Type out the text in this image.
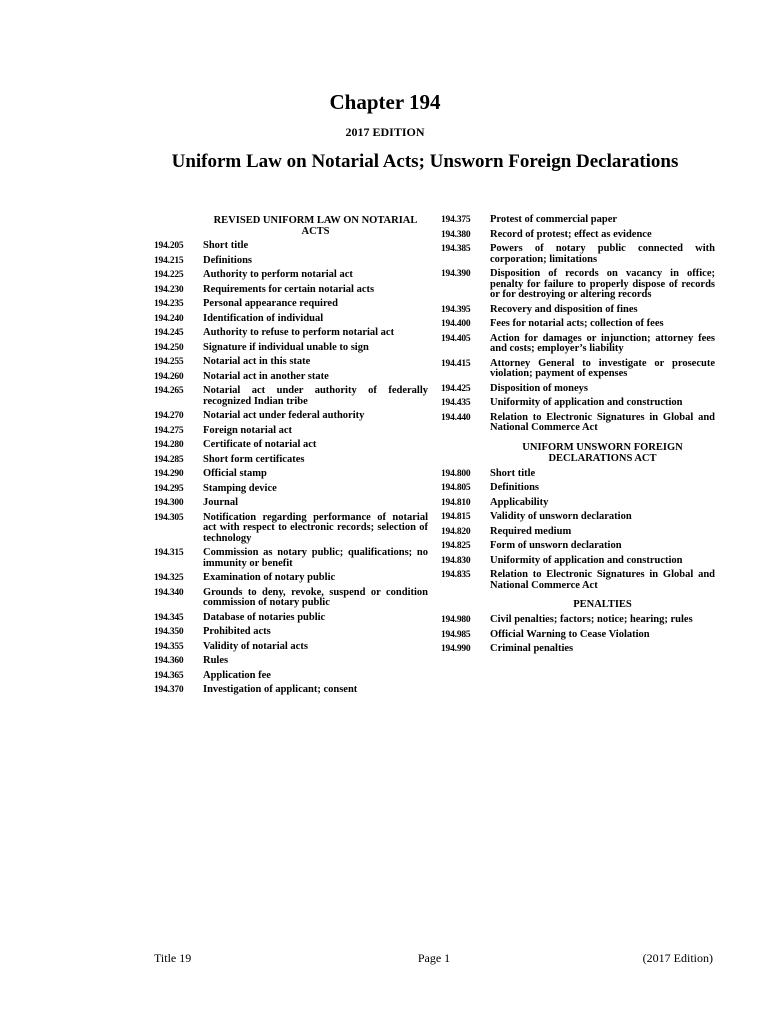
Chapter 194
2017 EDITION
Uniform Law on Notarial Acts; Unsworn Foreign Declarations
REVISED UNIFORM LAW ON NOTARIAL ACTS
194.205	Short title
194.215	Definitions
194.225	Authority to perform notarial act
194.230	Requirements for certain notarial acts
194.235	Personal appearance required
194.240	Identification of individual
194.245	Authority to refuse to perform notarial act
194.250	Signature if individual unable to sign
194.255	Notarial act in this state
194.260	Notarial act in another state
194.265	Notarial act under authority of federally recognized Indian tribe
194.270	Notarial act under federal authority
194.275	Foreign notarial act
194.280	Certificate of notarial act
194.285	Short form certificates
194.290	Official stamp
194.295	Stamping device
194.300	Journal
194.305	Notification regarding performance of notarial act with respect to electronic records; selection of technology
194.315	Commission as notary public; qualifications; no immunity or benefit
194.325	Examination of notary public
194.340	Grounds to deny, revoke, suspend or condition commission of notary public
194.345	Database of notaries public
194.350	Prohibited acts
194.355	Validity of notarial acts
194.360	Rules
194.365	Application fee
194.370	Investigation of applicant; consent
194.375	Protest of commercial paper
194.380	Record of protest; effect as evidence
194.385	Powers of notary public connected with corporation; limitations
194.390	Disposition of records on vacancy in office; penalty for failure to properly dispose of records or for destroying or altering records
194.395	Recovery and disposition of fines
194.400	Fees for notarial acts; collection of fees
194.405	Action for damages or injunction; attorney fees and costs; employer’s liability
194.415	Attorney General to investigate or prosecute violation; payment of expenses
194.425	Disposition of moneys
194.435	Uniformity of application and construction
194.440	Relation to Electronic Signatures in Global and National Commerce Act
UNIFORM UNSWORN FOREIGN DECLARATIONS ACT
194.800	Short title
194.805	Definitions
194.810	Applicability
194.815	Validity of unsworn declaration
194.820	Required medium
194.825	Form of unsworn declaration
194.830	Uniformity of application and construction
194.835	Relation to Electronic Signatures in Global and National Commerce Act
PENALTIES
194.980	Civil penalties; factors; notice; hearing; rules
194.985	Official Warning to Cease Violation
194.990	Criminal penalties
Title 19	Page 1	(2017 Edition)
